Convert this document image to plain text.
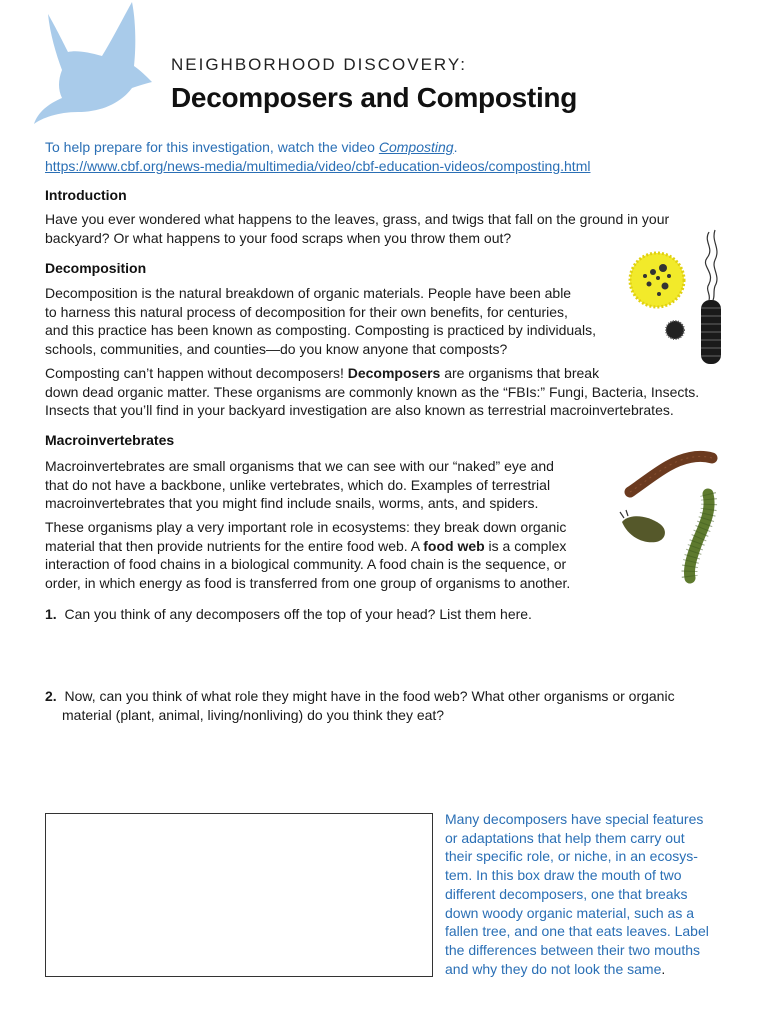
NEIGHBORHOOD DISCOVERY:
Decomposers and Composting
To help prepare for this investigation, watch the video Composting.
https://www.cbf.org/news-media/multimedia/video/cbf-education-videos/composting.html
Introduction
Have you ever wondered what happens to the leaves, grass, and twigs that fall on the ground in your
backyard? Or what happens to your food scraps when you throw them out?
Decomposition
Decomposition is the natural breakdown of organic materials. People have been able
to harness this natural process of decomposition for their own benefits, for centuries,
and this practice has been known as composting. Composting is practiced by individuals,
schools, communities, and counties—do you know anyone that composts?
Composting can’t happen without decomposers! Decomposers are organisms that break
down dead organic matter. These organisms are commonly known as the “FBIs:” Fungi, Bacteria, Insects.
Insects that you’ll find in your backyard investigation are also known as terrestrial macroinvertebrates.
Macroinvertebrates
Macroinvertebrates are small organisms that we can see with our “naked” eye and
that do not have a backbone, unlike vertebrates, which do. Examples of terrestrial
macroinvertebrates that you might find include snails, worms, ants, and spiders.
These organisms play a very important role in ecosystems: they break down organic
material that then provide nutrients for the entire food web. A food web is a complex
interaction of food chains in a biological community. A food chain is the sequence, or
order, in which energy as food is transferred from one group of organisms to another.
1. Can you think of any decomposers off the top of your head? List them here.
2. Now, can you think of what role they might have in the food web? What other organisms or organic
material (plant, animal, living/nonliving) do you think they eat?
Many decomposers have special features
or adaptations that help them carry out
their specific role, or niche, in an ecosys-
tem. In this box draw the mouth of two
different decomposers, one that breaks
down woody organic material, such as a
fallen tree, and one that eats leaves. Label
the differences between their two mouths
and why they do not look the same.
